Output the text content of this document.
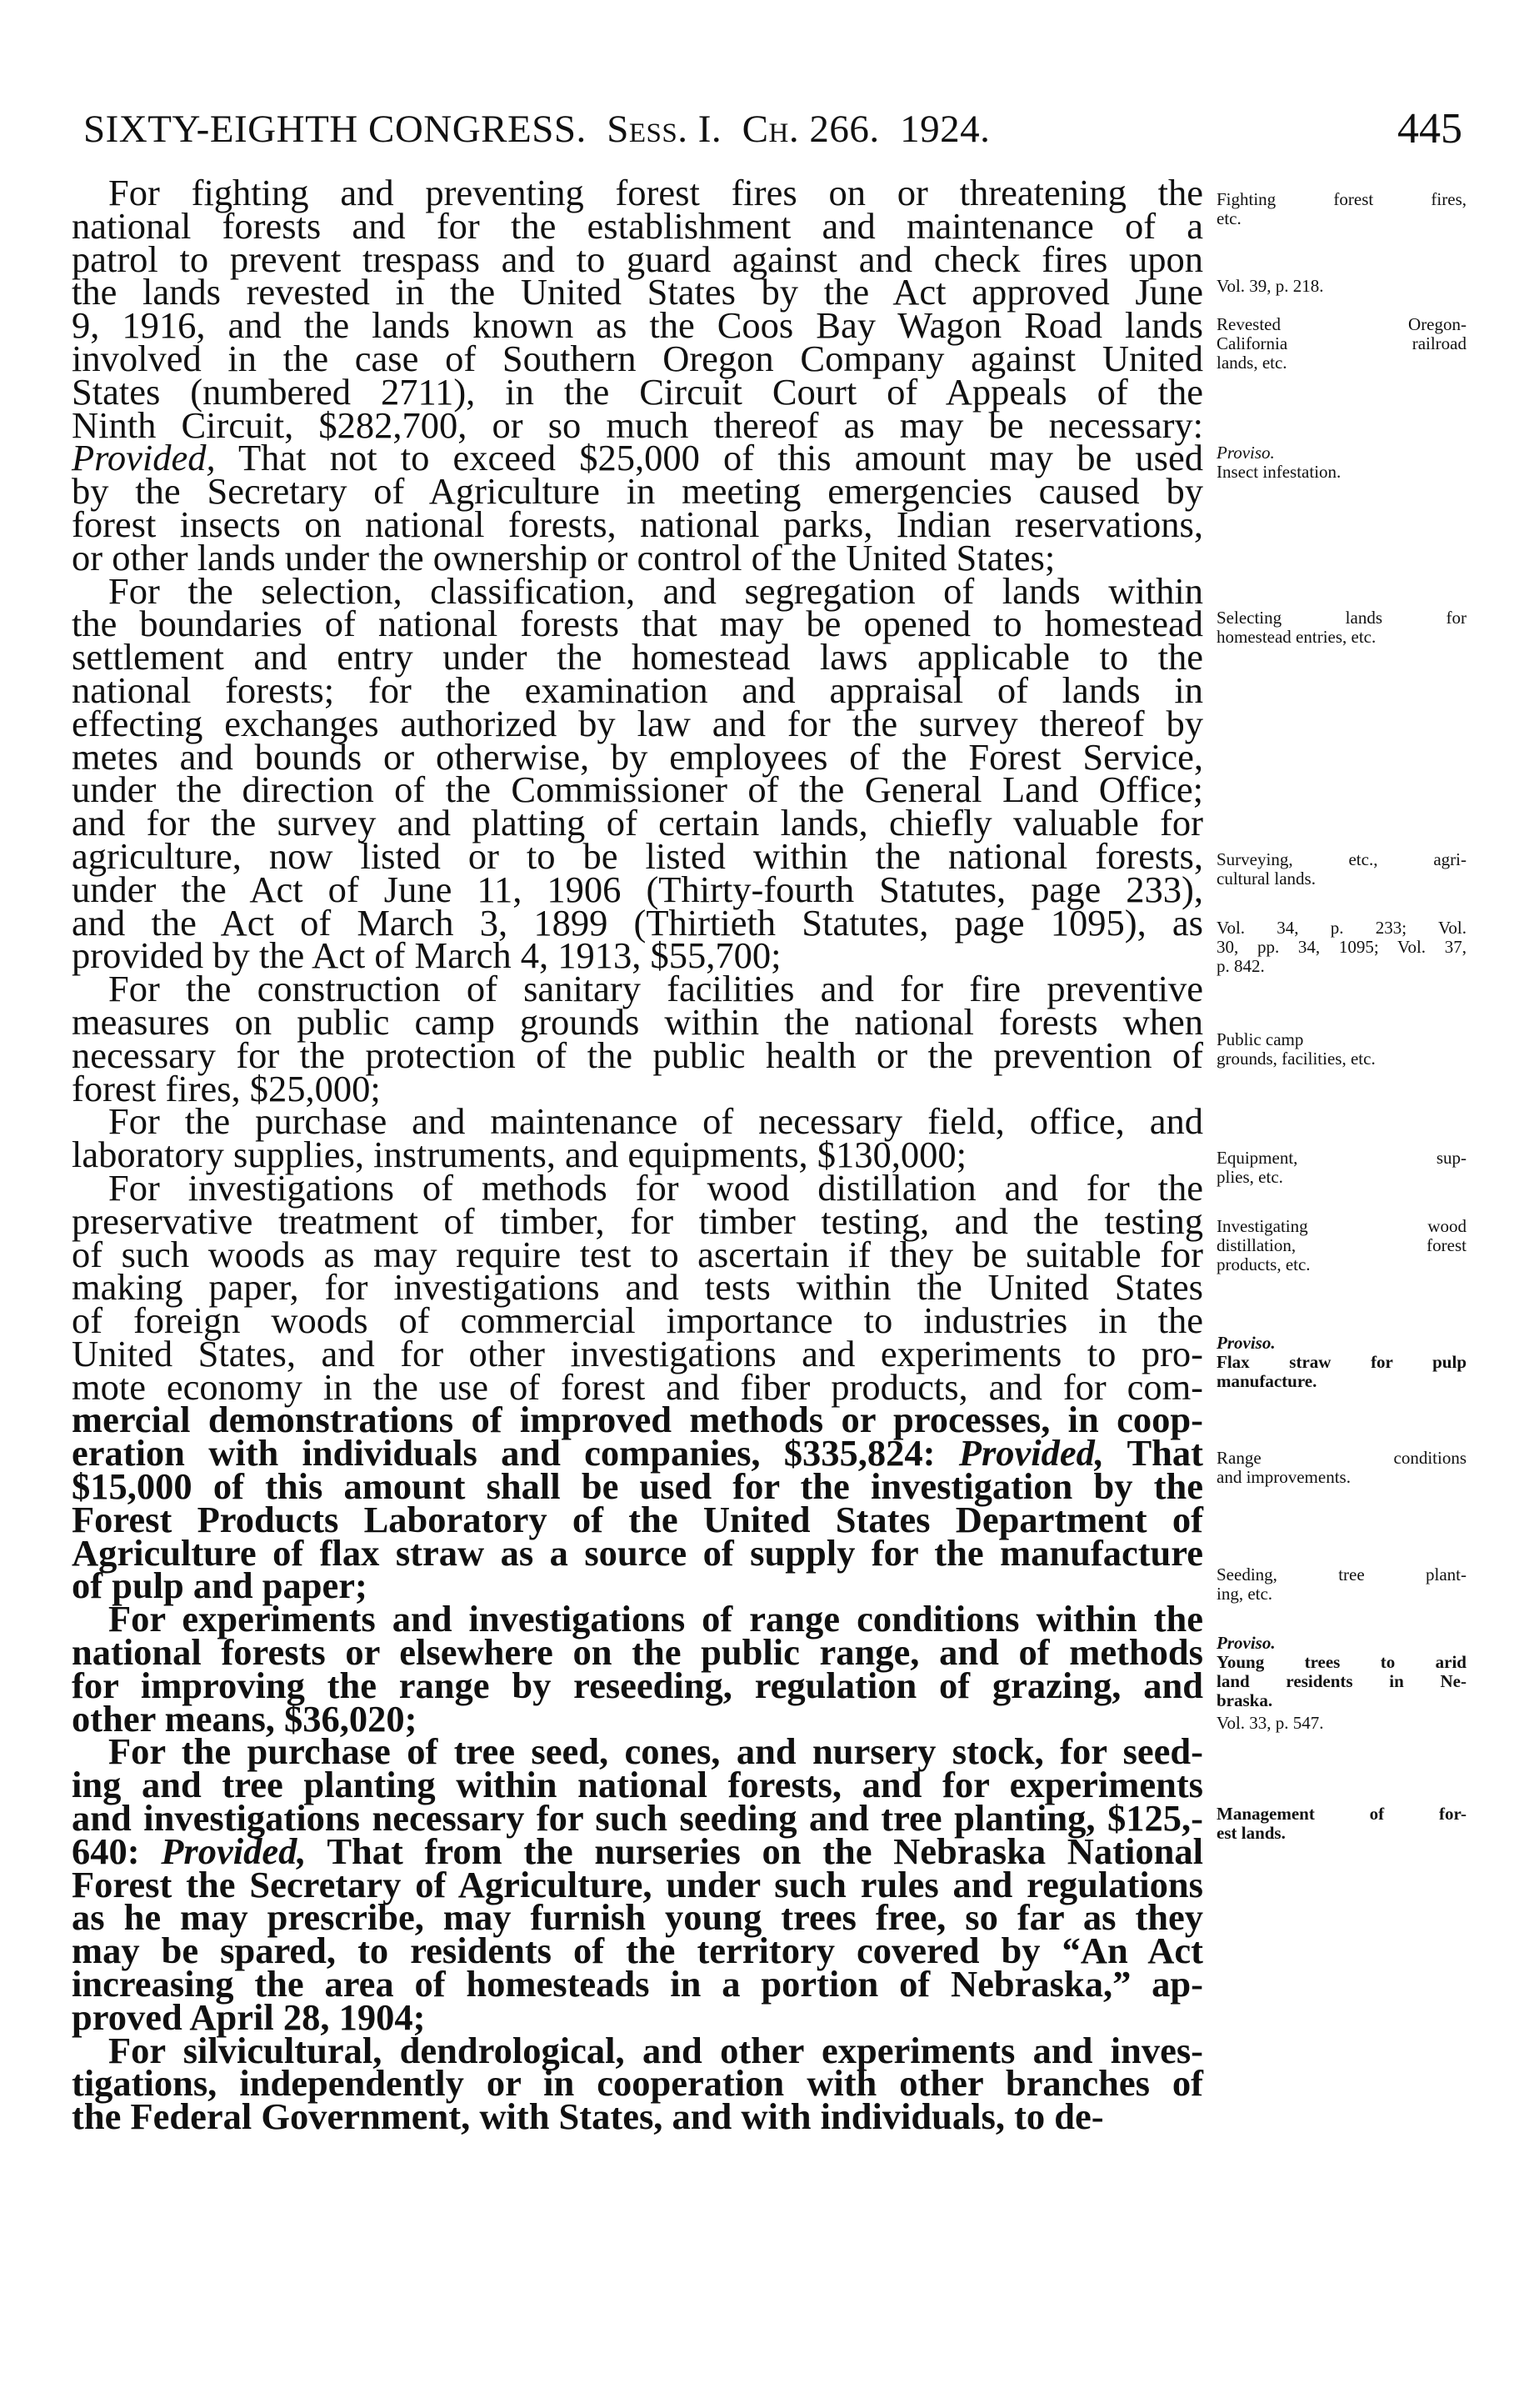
SIXTY-EIGHTH CONGRESS. Sess. I. Ch. 266. 1924.	445
For fighting and preventing forest fires on or threatening the
national forests and for the establishment and maintenance of a
patrol to prevent trespass and to guard against and check fires upon
the lands revested in the United States by the Act approved June
9, 1916, and the lands known as the Coos Bay Wagon Road lands
involved in the case of Southern Oregon Company against United
States (numbered 2711), in the Circuit Court of Appeals of the
Ninth Circuit, $282,700, or so much thereof as may be necessary:
Provided, That not to exceed $25,000 of this amount may be used
by the Secretary of Agriculture in meeting emergencies caused by
forest insects on national forests, national parks, Indian reservations,
or other lands under the ownership or control of the United States;
For the selection, classification, and segregation of lands within
the boundaries of national forests that may be opened to homestead
settlement and entry under the homestead laws applicable to the
national forests; for the examination and appraisal of lands in
effecting exchanges authorized by law and for the survey thereof by
metes and bounds or otherwise, by employees of the Forest Service,
under the direction of the Commissioner of the General Land Office;
and for the survey and platting of certain lands, chiefly valuable for
agriculture, now listed or to be listed within the national forests,
under the Act of June 11, 1906 (Thirty-fourth Statutes, page 233),
and the Act of March 3, 1899 (Thirtieth Statutes, page 1095), as
provided by the Act of March 4, 1913, $55,700;
For the construction of sanitary facilities and for fire preventive
measures on public camp grounds within the national forests when
necessary for the protection of the public health or the prevention of
forest fires, $25,000;
For the purchase and maintenance of necessary field, office, and
laboratory supplies, instruments, and equipments, $130,000;
For investigations of methods for wood distillation and for the
preservative treatment of timber, for timber testing, and the testing
of such woods as may require test to ascertain if they be suitable for
making paper, for investigations and tests within the United States
of foreign woods of commercial importance to industries in the
United States, and for other investigations and experiments to pro-
mote economy in the use of forest and fiber products, and for com-
mercial demonstrations of improved methods or processes, in coop-
eration with individuals and companies, $335,824: Provided, That
$15,000 of this amount shall be used for the investigation by the
Forest Products Laboratory of the United States Department of
Agriculture of flax straw as a source of supply for the manufacture
of pulp and paper;
For experiments and investigations of range conditions within the
national forests or elsewhere on the public range, and of methods
for improving the range by reseeding, regulation of grazing, and
other means, $36,020;
For the purchase of tree seed, cones, and nursery stock, for seed-
ing and tree planting within national forests, and for experiments
and investigations necessary for such seeding and tree planting, $125,-
640: Provided, That from the nurseries on the Nebraska National
Forest the Secretary of Agriculture, under such rules and regulations
as he may prescribe, may furnish young trees free, so far as they
may be spared, to residents of the territory covered by “An Act
increasing the area of homesteads in a portion of Nebraska,” ap-
proved April 28, 1904;
For silvicultural, dendrological, and other experiments and inves-
tigations, independently or in cooperation with other branches of
the Federal Government, with States, and with individuals, to de-
Fighting forest fires,
etc.
Vol. 39, p. 218.
Revested Oregon-
California railroad
lands, etc.
Proviso.
Insect infestation.
Selecting lands for
homestead entries, etc.
Surveying, etc., agri-
cultural lands.
Vol. 34, p. 233; Vol.
30, pp. 34, 1095; Vol. 37,
p. 842.
Public camp
grounds, facilities, etc.
Equipment, sup-
plies, etc.
Investigating wood
distillation, forest
products, etc.
Proviso.
Flax straw for pulp
manufacture.
Range conditions
and improvements.
Seeding, tree plant-
ing, etc.
Proviso.
Young trees to arid
land residents in Ne-
braska.
Vol. 33, p. 547.
Management of for-
est lands.
